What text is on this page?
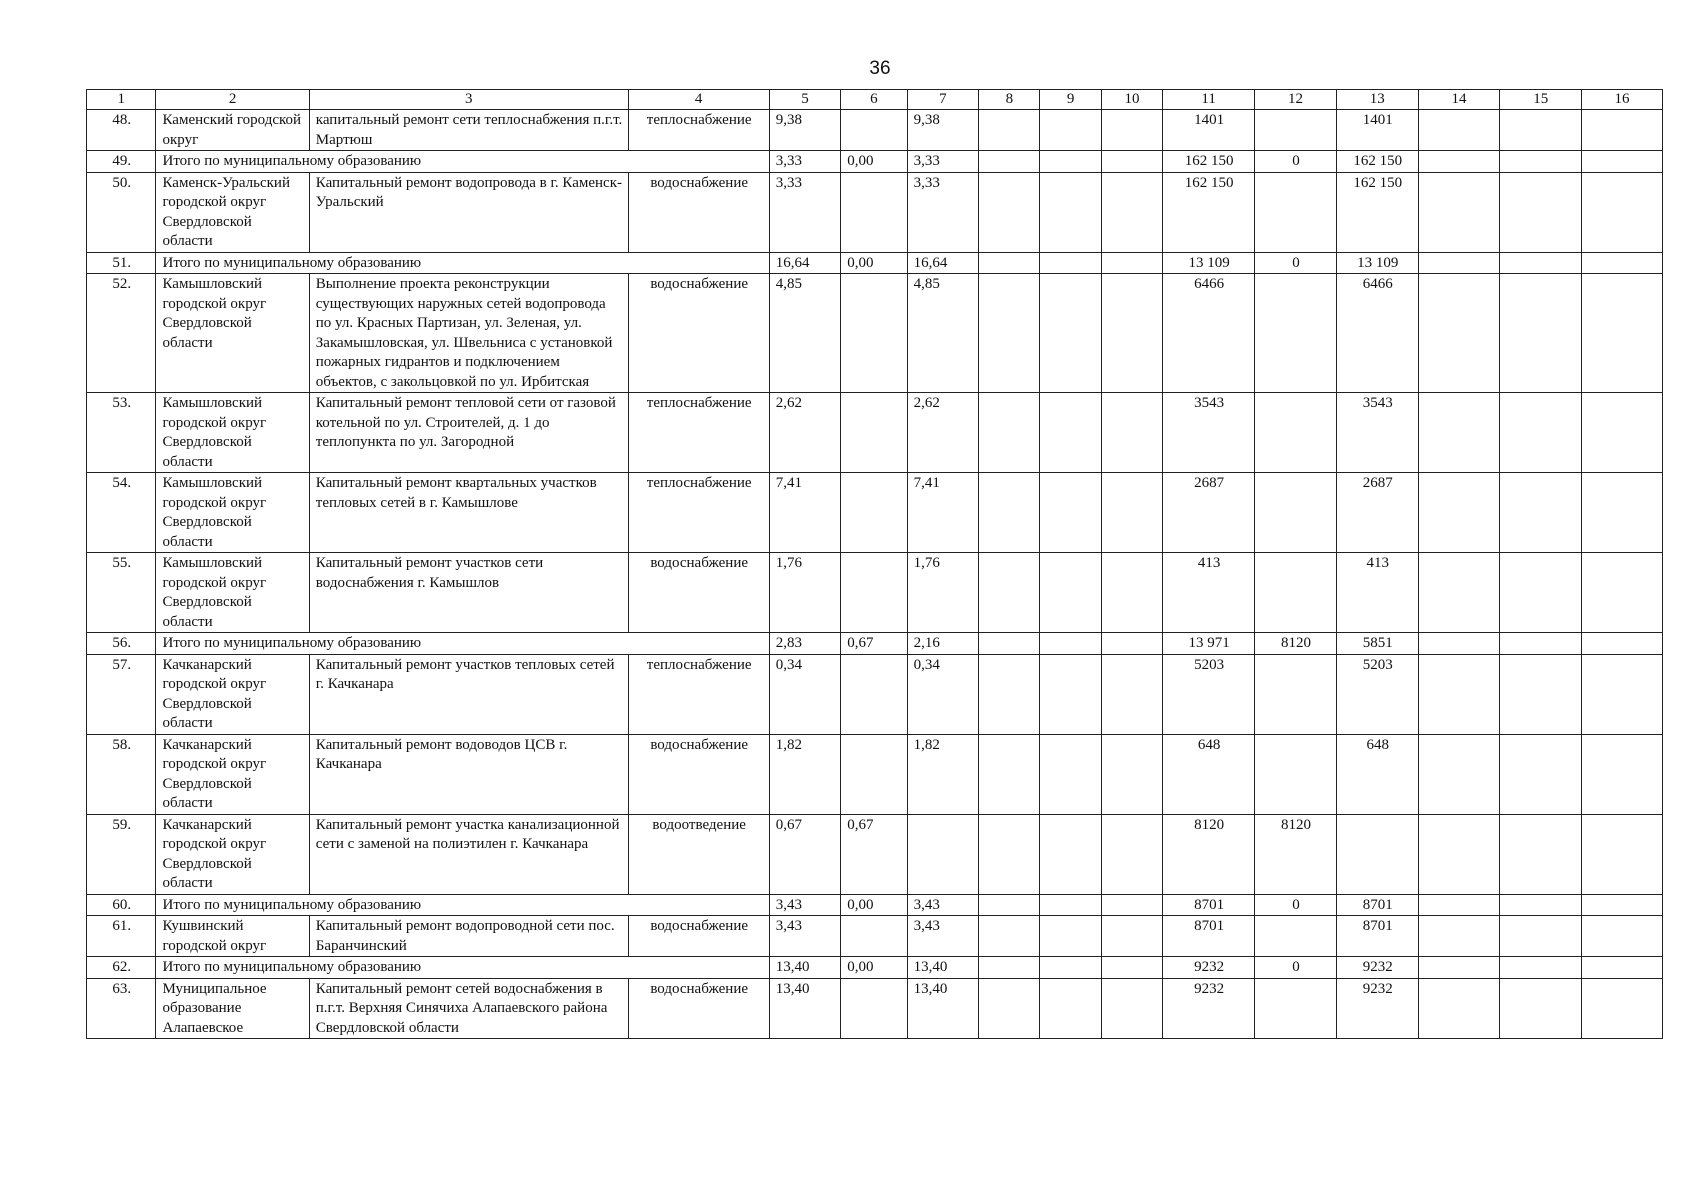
36
1	2	3	4	5	6	7	8	9	10	11	12	13	14	15	16
48.	Каменский городской округ	капитальный ремонт сети теплоснабжения п.г.т. Мартюш	теплоснабжение	9,38		9,38				1401		1401			
49.	Итого по муниципальному образованию			3,33	0,00	3,33				162 150	0	162 150			
50.	Каменск-Уральский городской округ Свердловской области	Капитальный ремонт водопровода в г. Каменск-Уральский	водоснабжение	3,33		3,33				162 150		162 150			
51.	Итого по муниципальному образованию			16,64	0,00	16,64				13 109	0	13 109			
52.	Камышловский городской округ Свердловской области	Выполнение проекта реконструкции существующих наружных сетей водопровода по ул. Красных Партизан, ул. Зеленая, ул. Закамышловская, ул. Швельниса с установкой пожарных гидрантов и подключением объектов, с закольцовкой по ул. Ирбитская	водоснабжение	4,85		4,85				6466		6466			
53.	Камышловский городской округ Свердловской области	Капитальный ремонт тепловой сети от газовой котельной по ул. Строителей, д. 1 до теплопункта по ул. Загородной	теплоснабжение	2,62		2,62				3543		3543			
54.	Камышловский городской округ Свердловской области	Капитальный ремонт квартальных участков тепловых сетей в г. Камышлове	теплоснабжение	7,41		7,41				2687		2687			
55.	Камышловский городской округ Свердловской области	Капитальный ремонт участков сети водоснабжения г. Камышлов	водоснабжение	1,76		1,76				413		413			
56.	Итого по муниципальному образованию			2,83	0,67	2,16				13 971	8120	5851			
57.	Качканарский городской округ Свердловской области	Капитальный ремонт участков тепловых сетей г. Качканара	теплоснабжение	0,34		0,34				5203		5203			
58.	Качканарский городской округ Свердловской области	Капитальный ремонт водоводов ЦСВ г. Качканара	водоснабжение	1,82		1,82				648		648			
59.	Качканарский городской округ Свердловской области	Капитальный ремонт участка канализационной сети с заменой на полиэтилен г. Качканара	водоотведение	0,67	0,67					8120	8120				
60.	Итого по муниципальному образованию			3,43	0,00	3,43				8701	0	8701			
61.	Кушвинский городской округ	Капитальный ремонт водопроводной сети пос. Баранчинский	водоснабжение	3,43		3,43				8701		8701			
62.	Итого по муниципальному образованию			13,40	0,00	13,40				9232	0	9232			
63.	Муниципальное образование Алапаевское	Капитальный ремонт сетей водоснабжения в п.г.т. Верхняя Синячиха Алапаевского района Свердловской области	водоснабжение	13,40		13,40				9232		9232			
